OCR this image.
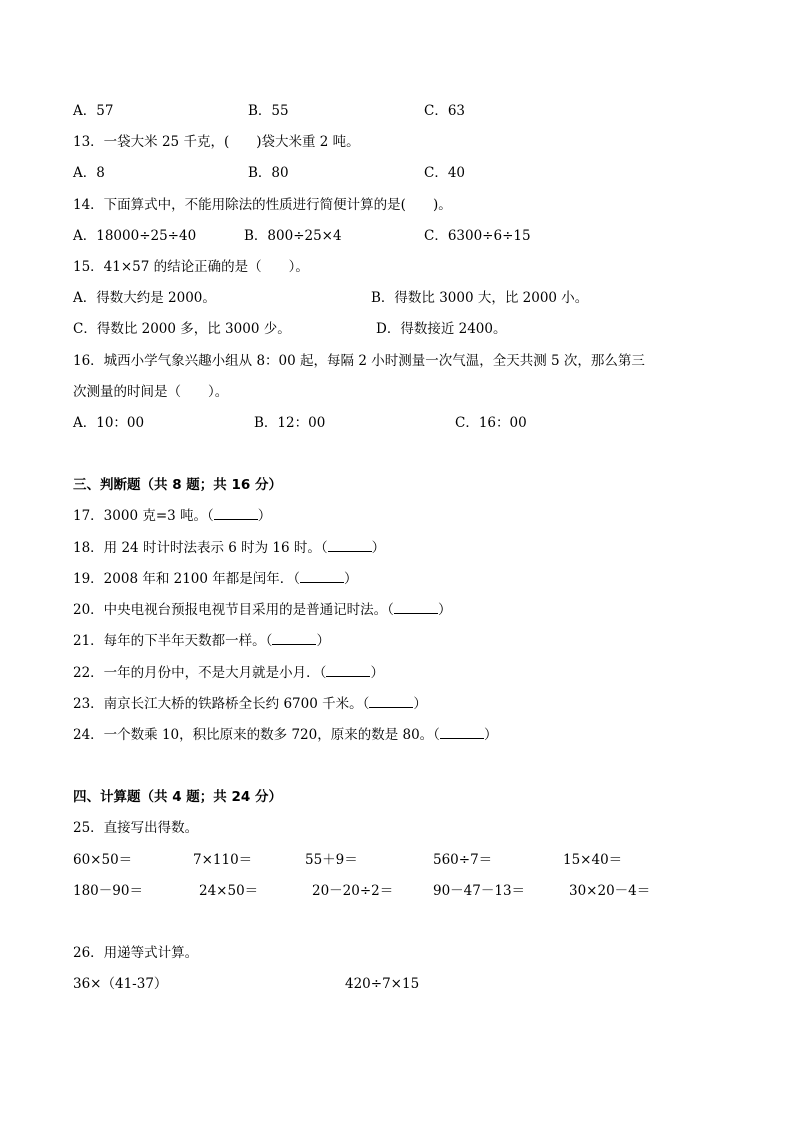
A．57	B．55	C．63
13．一袋大米 25 千克，(　　)袋大米重 2 吨。
A．8	B．80	C．40
14．下面算式中，不能用除法的性质进行简便计算的是(　　)。
A．18000÷25÷40	B．800÷25×4	C．6300÷6÷15
15．41×57 的结论正确的是（　　）。
A．得数大约是 2000。	B．得数比 3000 大，比 2000 小。
C．得数比 2000 多，比 3000 少。	D．得数接近 2400。
16．城西小学气象兴趣小组从 8：00 起，每隔 2 小时测量一次气温，全天共测 5 次，那么第三
次测量的时间是（　　）。
A．10：00	B．12：00	C．16：00
三、判断题（共 8 题；共 16 分）
17．3000 克=3 吨。（	）
18．用 24 时计时法表示 6 时为 16 时。（	）
19．2008 年和 2100 年都是闰年．（	）
20．中央电视台预报电视节目采用的是普通记时法。（	）
21．每年的下半年天数都一样。（	）
22．一年的月份中，不是大月就是小月．（	）
23．南京长江大桥的铁路桥全长约 6700 千米。（	）
24．一个数乘 10，积比原来的数多 720，原来的数是 80。（	）
四、计算题（共 4 题；共 24 分）
25．直接写出得数。
60×50＝	7×110＝	55＋9＝	560÷7＝	15×40＝
180－90＝	24×50＝	20－20÷2＝	90－47－13＝	30×20－4＝
26．用递等式计算。
36×（41-37）	420÷7×15
